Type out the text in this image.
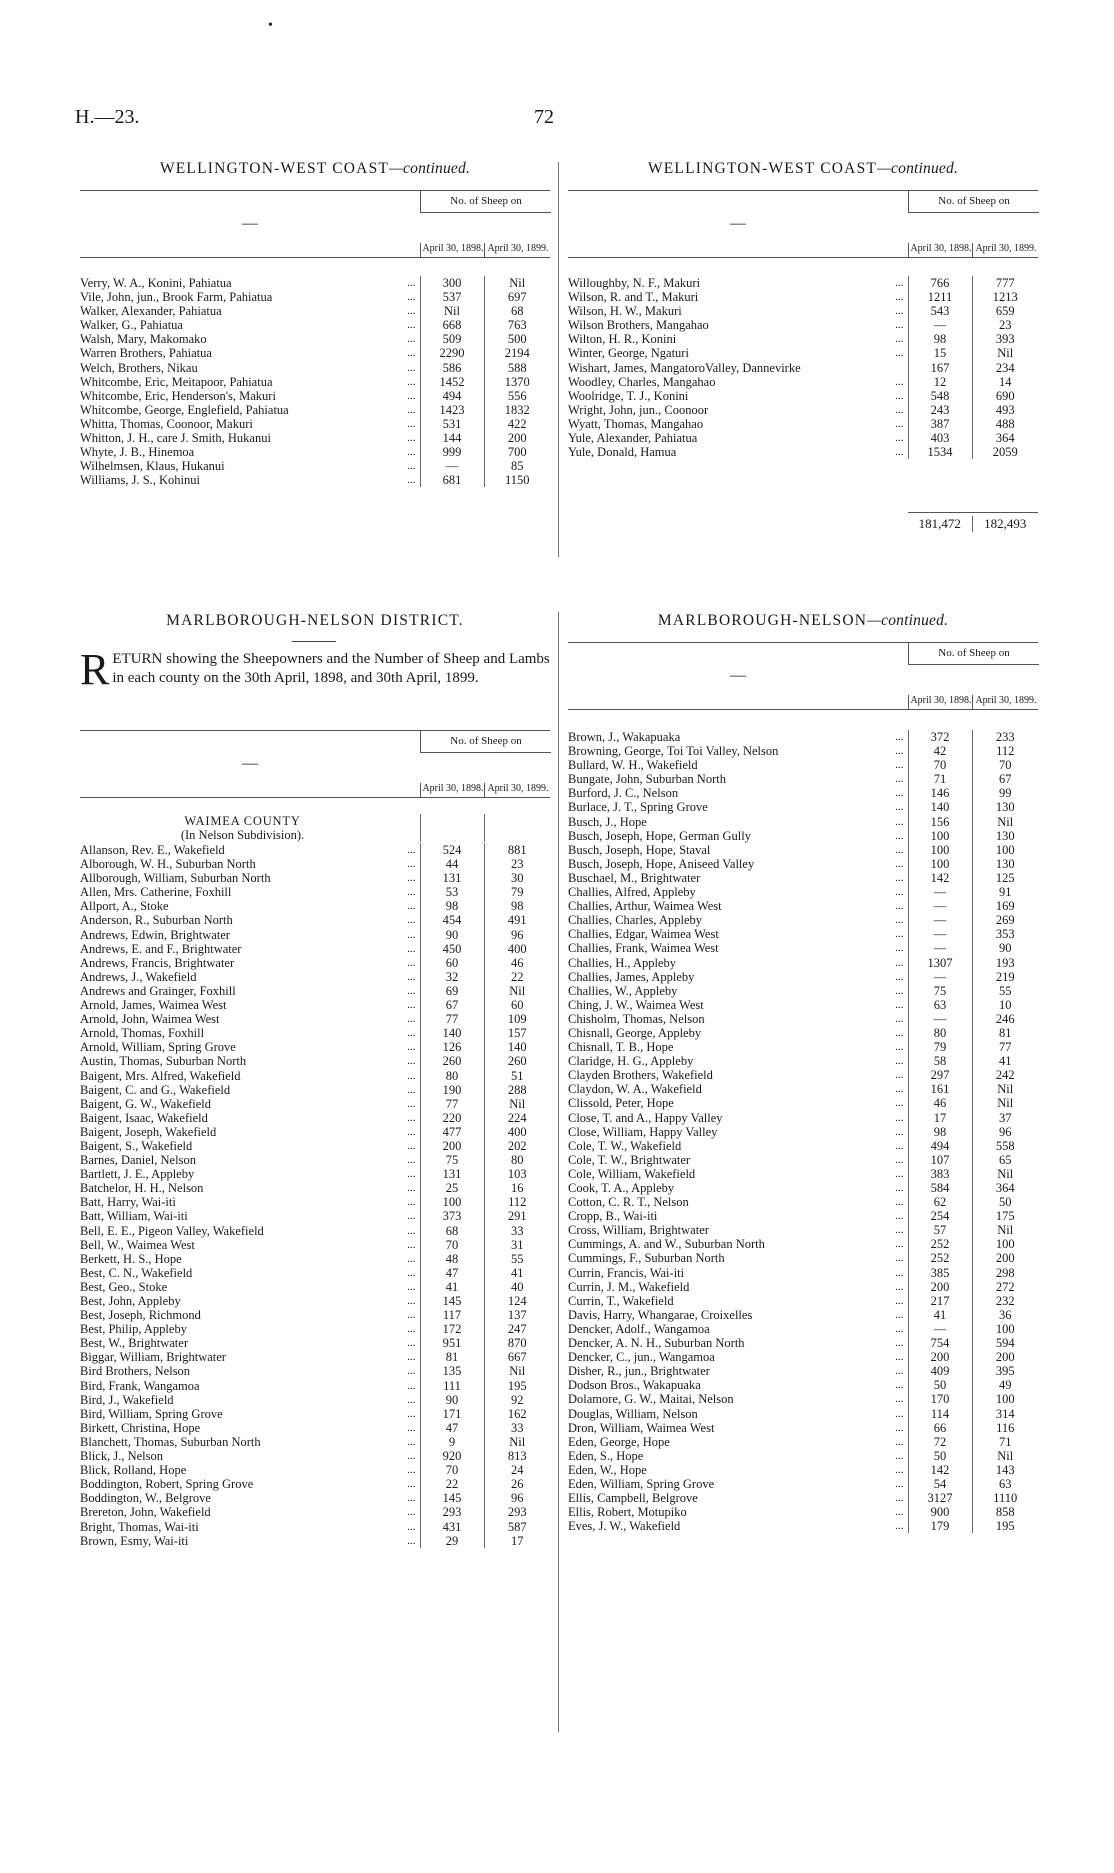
•
H.—23.	72
WELLINGTON-WEST COAST—continued.
—
No. of Sheep on
April 30, 1898. April 30, 1899.
Verry, W. A., Konini, Pahiatua	...	300	Nil
Vile, John, jun., Brook Farm, Pahiatua	...	537	697
Walker, Alexander, Pahiatua	...	Nil	68
Walker, G., Pahiatua	...	668	763
Walsh, Mary, Makomako	...	509	500
Warren Brothers, Pahiatua	...	2290	2194
Welch, Brothers, Nikau	...	586	588
Whitcombe, Eric, Meitapoor, Pahiatua	...	1452	1370
Whitcombe, Eric, Henderson's, Makuri	...	494	556
Whitcombe, George, Englefield, Pahiatua	...	1423	1832
Whitta, Thomas, Coonoor, Makuri	...	531	422
Whitton, J. H., care J. Smith, Hukanui	...	144	200
Whyte, J. B., Hinemoa	...	999	700
Wilhelmsen, Klaus, Hukanui	...	—	85
Williams, J. S., Kohinui	...	681	1150
WELLINGTON-WEST COAST—continued.
—
No. of Sheep on
April 30, 1898. April 30, 1899.
Willoughby, N. F., Makuri	...	766	777
Wilson, R. and T., Makuri	...	1211	1213
Wilson, H. W., Makuri	...	543	659
Wilson Brothers, Mangahao	...	—	23
Wilton, H. R., Konini	...	98	393
Winter, George, Ngaturi	...	15	Nil
Wishart, James, MangatoroValley, Dannevirke		167	234
Woodley, Charles, Mangahao	...	12	14
Woolridge, T. J., Konini	...	548	690
Wright, John, jun., Coonoor	...	243	493
Wyatt, Thomas, Mangahao	...	387	488
Yule, Alexander, Pahiatua	...	403	364
Yule, Donald, Hamua	...	1534	2059
181,472	182,493
MARLBOROUGH-NELSON DISTRICT.
RETURN showing the Sheepowners and the Number of Sheep and Lambs in each county on the 30th April, 1898, and 30th April, 1899.
—
No. of Sheep on
April 30, 1898. April 30, 1899.
WAIMEA COUNTY			
(In Nelson Subdivision).			
Allanson, Rev. E., Wakefield	...	524	881
Alborough, W. H., Suburban North	...	44	23
Allborough, William, Suburban North	...	131	30
Allen, Mrs. Catherine, Foxhill	...	53	79
Allport, A., Stoke	...	98	98
Anderson, R., Suburban North	...	454	491
Andrews, Edwin, Brightwater	...	90	96
Andrews, E. and F., Brightwater	...	450	400
Andrews, Francis, Brightwater	...	60	46
Andrews, J., Wakefield	...	32	22
Andrews and Grainger, Foxhill	...	69	Nil
Arnold, James, Waimea West	...	67	60
Arnold, John, Waimea West	...	77	109
Arnold, Thomas, Foxhill	...	140	157
Arnold, William, Spring Grove	...	126	140
Austin, Thomas, Suburban North	...	260	260
Baigent, Mrs. Alfred, Wakefield	...	80	51
Baigent, C. and G., Wakefield	...	190	288
Baigent, G. W., Wakefield	...	77	Nil
Baigent, Isaac, Wakefield	...	220	224
Baigent, Joseph, Wakefield	...	477	400
Baigent, S., Wakefield	...	200	202
Barnes, Daniel, Nelson	...	75	80
Bartlett, J. E., Appleby	...	131	103
Batchelor, H. H., Nelson	...	25	16
Batt, Harry, Wai-iti	...	100	112
Batt, William, Wai-iti	...	373	291
Bell, E. E., Pigeon Valley, Wakefield	...	68	33
Bell, W., Waimea West	...	70	31
Berkett, H. S., Hope	...	48	55
Best, C. N., Wakefield	...	47	41
Best, Geo., Stoke	...	41	40
Best, John, Appleby	...	145	124
Best, Joseph, Richmond	...	117	137
Best, Philip, Appleby	...	172	247
Best, W., Brightwater	...	951	870
Biggar, William, Brightwater	...	81	667
Bird Brothers, Nelson	...	135	Nil
Bird, Frank, Wangamoa	...	111	195
Bird, J., Wakefield	...	90	92
Bird, William, Spring Grove	...	171	162
Birkett, Christina, Hope	...	47	33
Blanchett, Thomas, Suburban North	...	9	Nil
Blick, J., Nelson	...	920	813
Blick, Rolland, Hope	...	70	24
Boddington, Robert, Spring Grove	...	22	26
Boddington, W., Belgrove	...	145	96
Brereton, John, Wakefield	...	293	293
Bright, Thomas, Wai-iti	...	431	587
Brown, Esmy, Wai-iti	...	29	17
MARLBOROUGH-NELSON—continued.
—
No. of Sheep on
April 30, 1898. April 30, 1899.
Brown, J., Wakapuaka	...	372	233
Browning, George, Toi Toi Valley, Nelson	...	42	112
Bullard, W. H., Wakefield	...	70	70
Bungate, John, Suburban North	...	71	67
Burford, J. C., Nelson	...	146	99
Burlace, J. T., Spring Grove	...	140	130
Busch, J., Hope	...	156	Nil
Busch, Joseph, Hope, German Gully	...	100	130
Busch, Joseph, Hope, Staval	...	100	100
Busch, Joseph, Hope, Aniseed Valley	...	100	130
Buschael, M., Brightwater	...	142	125
Challies, Alfred, Appleby	...	—	91
Challies, Arthur, Waimea West	...	—	169
Challies, Charles, Appleby	...	—	269
Challies, Edgar, Waimea West	...	—	353
Challies, Frank, Waimea West	...	—	90
Challies, H., Appleby	...	1307	193
Challies, James, Appleby	...	—	219
Challies, W., Appleby	...	75	55
Ching, J. W., Waimea West	...	63	10
Chisholm, Thomas, Nelson	...	—	246
Chisnall, George, Appleby	...	80	81
Chisnall, T. B., Hope	...	79	77
Claridge, H. G., Appleby	...	58	41
Clayden Brothers, Wakefield	...	297	242
Claydon, W. A., Wakefield	...	161	Nil
Clissold, Peter, Hope	...	46	Nil
Close, T. and A., Happy Valley	...	17	37
Close, William, Happy Valley	...	98	96
Cole, T. W., Wakefield	...	494	558
Cole, T. W., Brightwater	...	107	65
Cole, William, Wakefield	...	383	Nil
Cook, T. A., Appleby	...	584	364
Cotton, C. R. T., Nelson	...	62	50
Cropp, B., Wai-iti	...	254	175
Cross, William, Brightwater	...	57	Nil
Cummings, A. and W., Suburban North	...	252	100
Cummings, F., Suburban North	...	252	200
Currin, Francis, Wai-iti	...	385	298
Currin, J. M., Wakefield	...	200	272
Currin, T., Wakefield	...	217	232
Davis, Harry, Whangarae, Croixelles	...	41	36
Dencker, Adolf., Wangamoa	...	—	100
Dencker, A. N. H., Suburban North	...	754	594
Dencker, C., jun., Wangamoa	...	200	200
Disher, R., jun., Brightwater	...	409	395
Dodson Bros., Wakapuaka	...	50	49
Dolamore, G. W., Maitai, Nelson	...	170	100
Douglas, William, Nelson	...	114	314
Dron, William, Waimea West	...	66	116
Eden, George, Hope	...	72	71
Eden, S., Hope	...	50	Nil
Eden, W., Hope	...	142	143
Eden, William, Spring Grove	...	54	63
Ellis, Campbell, Belgrove	...	3127	1110
Ellis, Robert, Motupiko	...	900	858
Eves, J. W., Wakefield	...	179	195
